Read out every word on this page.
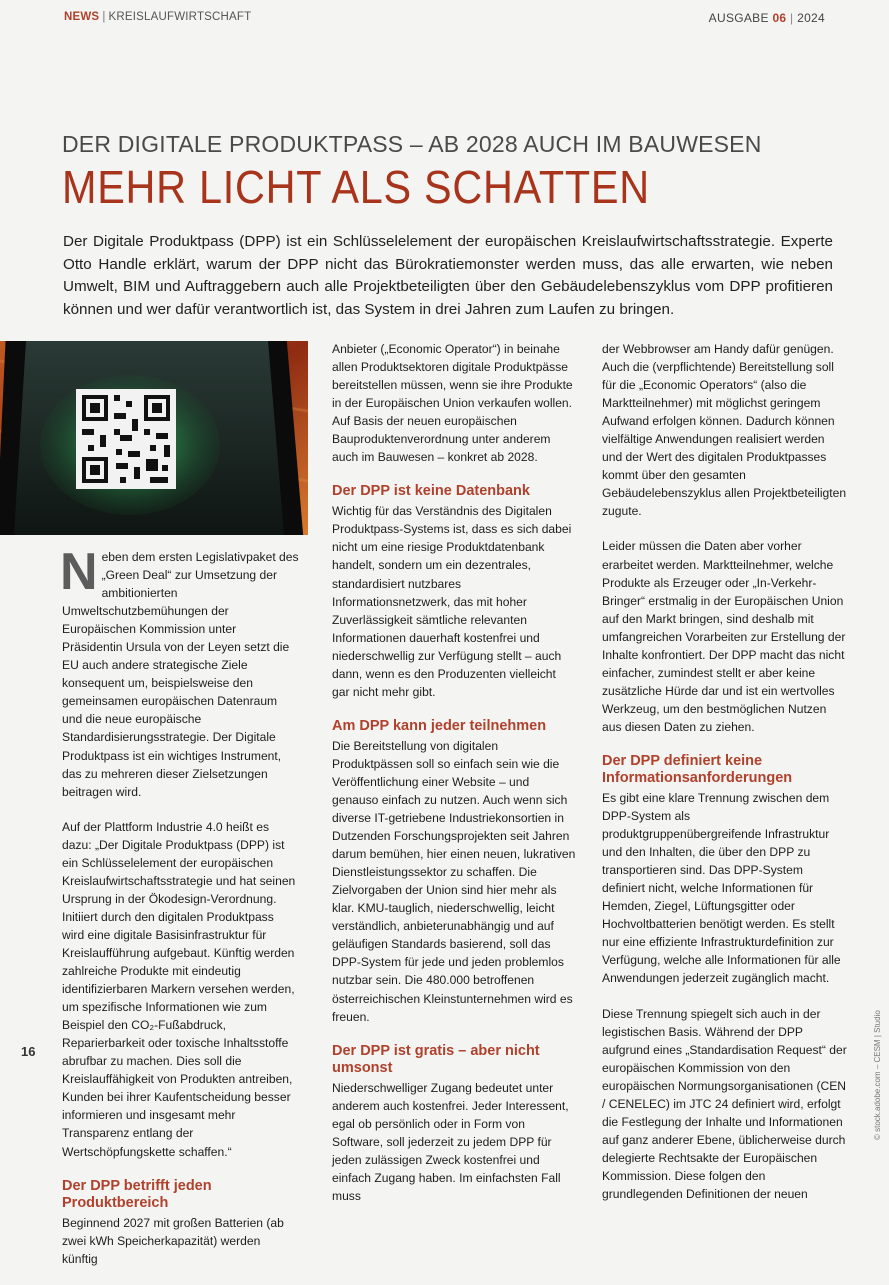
NEWS | KREISLAUFWIRTSCHAFT	AUSGABE 06 | 2024
DER DIGITALE PRODUKTPASS – AB 2028 AUCH IM BAUWESEN
MEHR LICHT ALS SCHATTEN
Der Digitale Produktpass (DPP) ist ein Schlüsselelement der europäischen Kreislaufwirtschaftsstrategie. Experte Otto Handle erklärt, warum der DPP nicht das Bürokratiemonster werden muss, das alle erwarten, wie neben Umwelt, BIM und Auftraggebern auch alle Projektbeteiligten über den Gebäudelebenszyklus vom DPP profitieren können und wer dafür verantwortlich ist, das System in drei Jahren zum Laufen zu bringen.

Neben dem ersten Legislativpaket des „Green Deal“ zur Umsetzung der ambitionierten Umweltschutzbemühungen der Europäischen Kommission unter Präsidentin Ursula von der Leyen setzt die EU auch andere strategische Ziele konsequent um, beispielsweise den gemeinsamen europäischen Datenraum und die neue europäische Standardisierungsstrategie. Der Digitale Produktpass ist ein wichtiges Instrument, das zu mehreren dieser Zielsetzungen beitragen wird.

Auf der Plattform Industrie 4.0 heißt es dazu: „Der Digitale Produktpass (DPP) ist ein Schlüsselelement der europäischen Kreislaufwirtschaftsstrategie und hat seinen Ursprung in der Ökodesign-Verordnung. Initiiert durch den digitalen Produktpass wird eine digitale Basisinfrastruktur für Kreislaufführung aufgebaut. Künftig werden zahlreiche Produkte mit eindeutig identifizierbaren Markern versehen werden, um spezifische Informationen wie zum Beispiel den CO₂-Fußabdruck, Reparierbarkeit oder toxische Inhaltsstoffe abrufbar zu machen. Dies soll die Kreislauffähigkeit von Produkten antreiben, Kunden bei ihrer Kaufentscheidung besser informieren und insgesamt mehr Transparenz entlang der Wertschöpfungskette schaffen.“

Der DPP betrifft jeden Produktbereich

Beginnend 2027 mit großen Batterien (ab zwei kWh Speicherkapazität) werden künftig

Anbieter („Economic Operator“) in beinahe allen Produktsektoren digitale Produktpässe bereitstellen müssen, wenn sie ihre Produkte in der Europäischen Union verkaufen wollen. Auf Basis der neuen europäischen Bauproduktenverordnung unter anderem auch im Bauwesen – konkret ab 2028.

Der DPP ist keine Datenbank

Wichtig für das Verständnis des Digitalen Produktpass-Systems ist, dass es sich dabei nicht um eine riesige Produktdatenbank handelt, sondern um ein dezentrales, standardisiert nutzbares Informationsnetzwerk, das mit hoher Zuverlässigkeit sämtliche relevanten Informationen dauerhaft kostenfrei und niederschwellig zur Verfügung stellt – auch dann, wenn es den Produzenten vielleicht gar nicht mehr gibt.

Am DPP kann jeder teilnehmen

Die Bereitstellung von digitalen Produktpässen soll so einfach sein wie die Veröffentlichung einer Website – und genauso einfach zu nutzen. Auch wenn sich diverse IT-getriebene Industriekonsortien in Dutzenden Forschungsprojekten seit Jahren darum bemühen, hier einen neuen, lukrativen Dienstleistungssektor zu schaffen. Die Zielvorgaben der Union sind hier mehr als klar. KMU-tauglich, niederschwellig, leicht verständlich, anbieterunabhängig und auf geläufigen Standards basierend, soll das DPP-System für jede und jeden problemlos nutzbar sein. Die 480.000 betroffenen österreichischen Kleinstunternehmen wird es freuen.

Der DPP ist gratis – aber nicht umsonst

Niederschwelliger Zugang bedeutet unter anderem auch kostenfrei. Jeder Interessent, egal ob persönlich oder in Form von Software, soll jederzeit zu jedem DPP für jeden zulässigen Zweck kostenfrei und einfach Zugang haben. Im einfachsten Fall muss

der Webbrowser am Handy dafür genügen. Auch die (verpflichtende) Bereitstellung soll für die „Economic Operators“ (also die Marktteilnehmer) mit möglichst geringem Aufwand erfolgen können. Dadurch können vielfältige Anwendungen realisiert werden und der Wert des digitalen Produktpasses kommt über den gesamten Gebäudelebenszyklus allen Projektbeteiligten zugute.

Leider müssen die Daten aber vorher erarbeitet werden. Marktteilnehmer, welche Produkte als Erzeuger oder „In-Verkehr-Bringer“ erstmalig in der Europäischen Union auf den Markt bringen, sind deshalb mit umfangreichen Vorarbeiten zur Erstellung der Inhalte konfrontiert. Der DPP macht das nicht einfacher, zumindest stellt er aber keine zusätzliche Hürde dar und ist ein wertvolles Werkzeug, um den bestmöglichen Nutzen aus diesen Daten zu ziehen.

Der DPP definiert keine Informationsanforderungen

Es gibt eine klare Trennung zwischen dem DPP-System als produktgruppenübergreifende Infrastruktur und den Inhalten, die über den DPP zu transportieren sind. Das DPP-System definiert nicht, welche Informationen für Hemden, Ziegel, Lüftungsgitter oder Hochvoltbatterien benötigt werden. Es stellt nur eine effiziente Infrastrukturdefinition zur Verfügung, welche alle Informationen für alle Anwendungen jederzeit zugänglich macht.

Diese Trennung spiegelt sich auch in der legistischen Basis. Während der DPP aufgrund eines „Standardisation Request“ der europäischen Kommission von den europäischen Normungsorganisationen (CEN / CENELEC) im JTC 24 definiert wird, erfolgt die Festlegung der Inhalte und Informationen auf ganz anderer Ebene, üblicherweise durch delegierte Rechtsakte der Europäischen Kommission. Diese folgen den grundlegenden Definitionen der neuen

16	© stock.adobe.com – CESM | Studio
